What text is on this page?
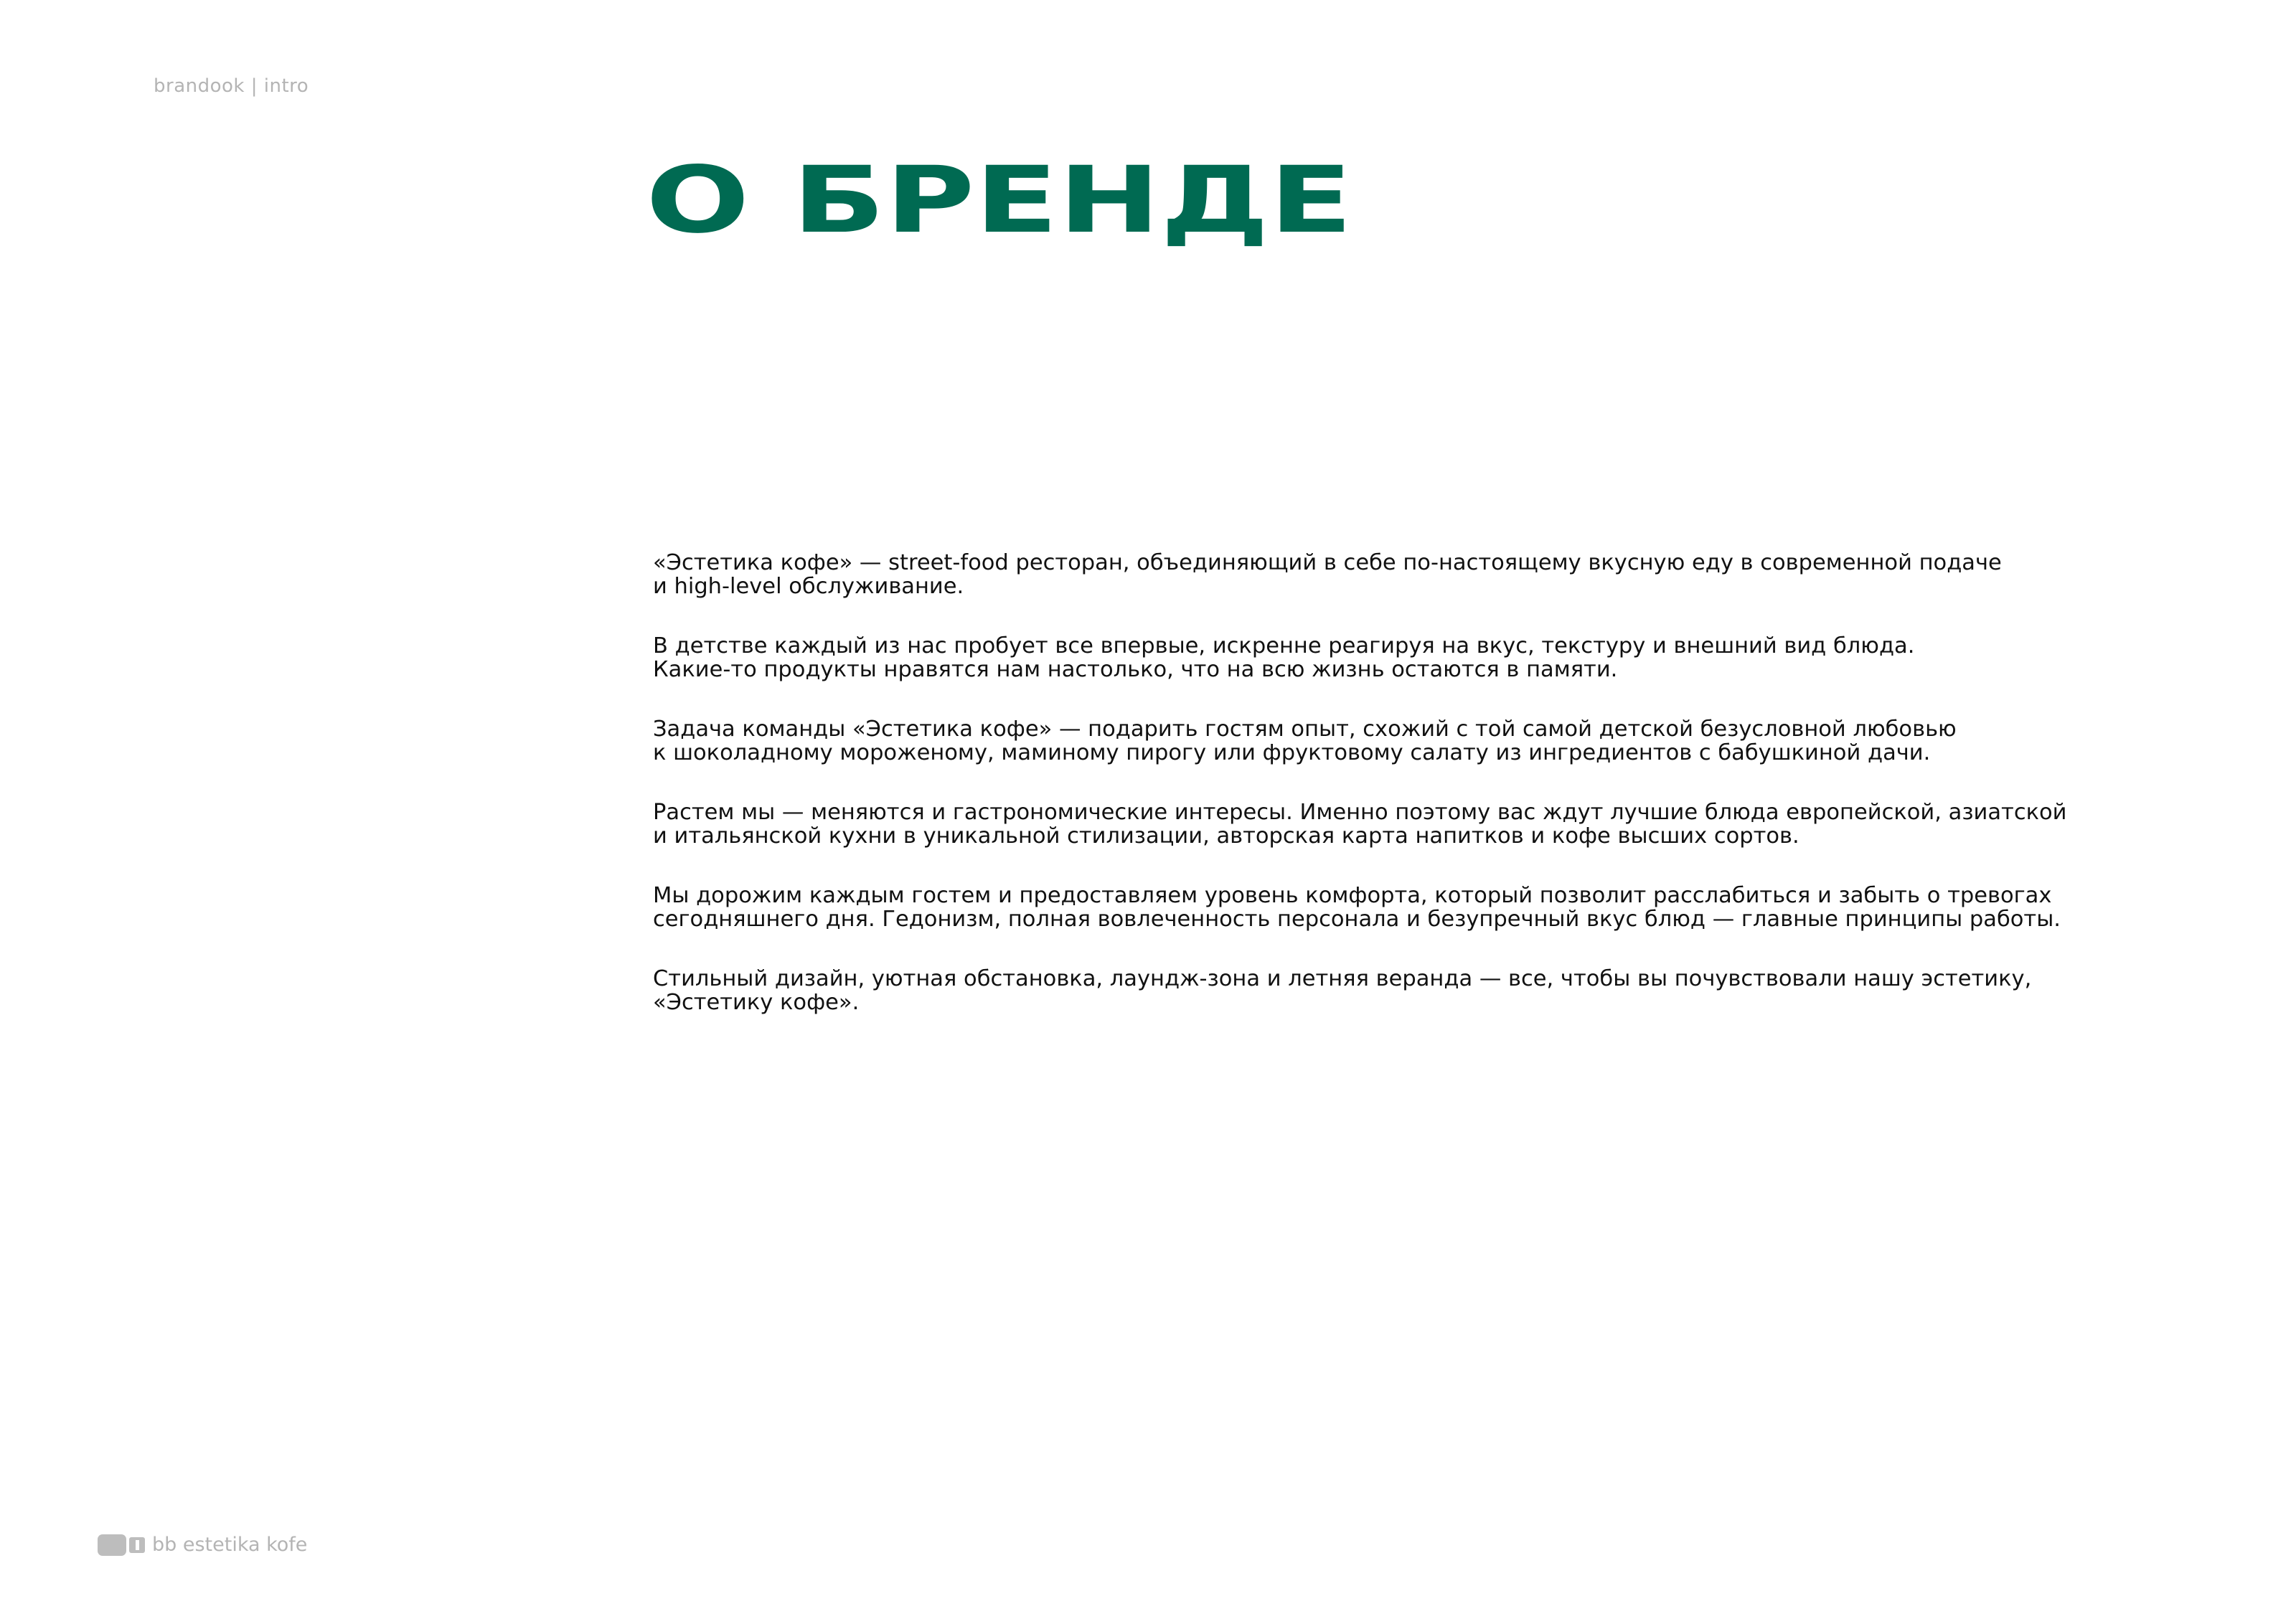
brandook | intro
О БРЕНДЕ

«Эстетика кофе» — street-food ресторан, объединяющий в себе по-настоящему вкусную еду в современной подаче
и high-level обслуживание.

В детстве каждый из нас пробует все впервые, искренне реагируя на вкус, текстуру и внешний вид блюда.
Какие-то продукты нравятся нам настолько, что на всю жизнь остаются в памяти.

Задача команды «Эстетика кофе» — подарить гостям опыт, схожий с той самой детской безусловной любовью
к шоколадному мороженому, маминому пирогу или фруктовому салату из ингредиентов с бабушкиной дачи.

Растем мы — меняются и гастрономические интересы. Именно поэтому вас ждут лучшие блюда европейской, азиатской
и итальянской кухни в уникальной стилизации, авторская карта напитков и кофе высших сортов.

Мы дорожим каждым гостем и предоставляем уровень комфорта, который позволит расслабиться и забыть о тревогах
сегодняшнего дня. Гедонизм, полная вовлеченность персонала и безупречный вкус блюд — главные принципы работы.

Стильный дизайн, уютная обстановка, лаундж-зона и летняя веранда — все, чтобы вы почувствовали нашу эстетику,
«Эстетику кофе».

bb estetika kofe
